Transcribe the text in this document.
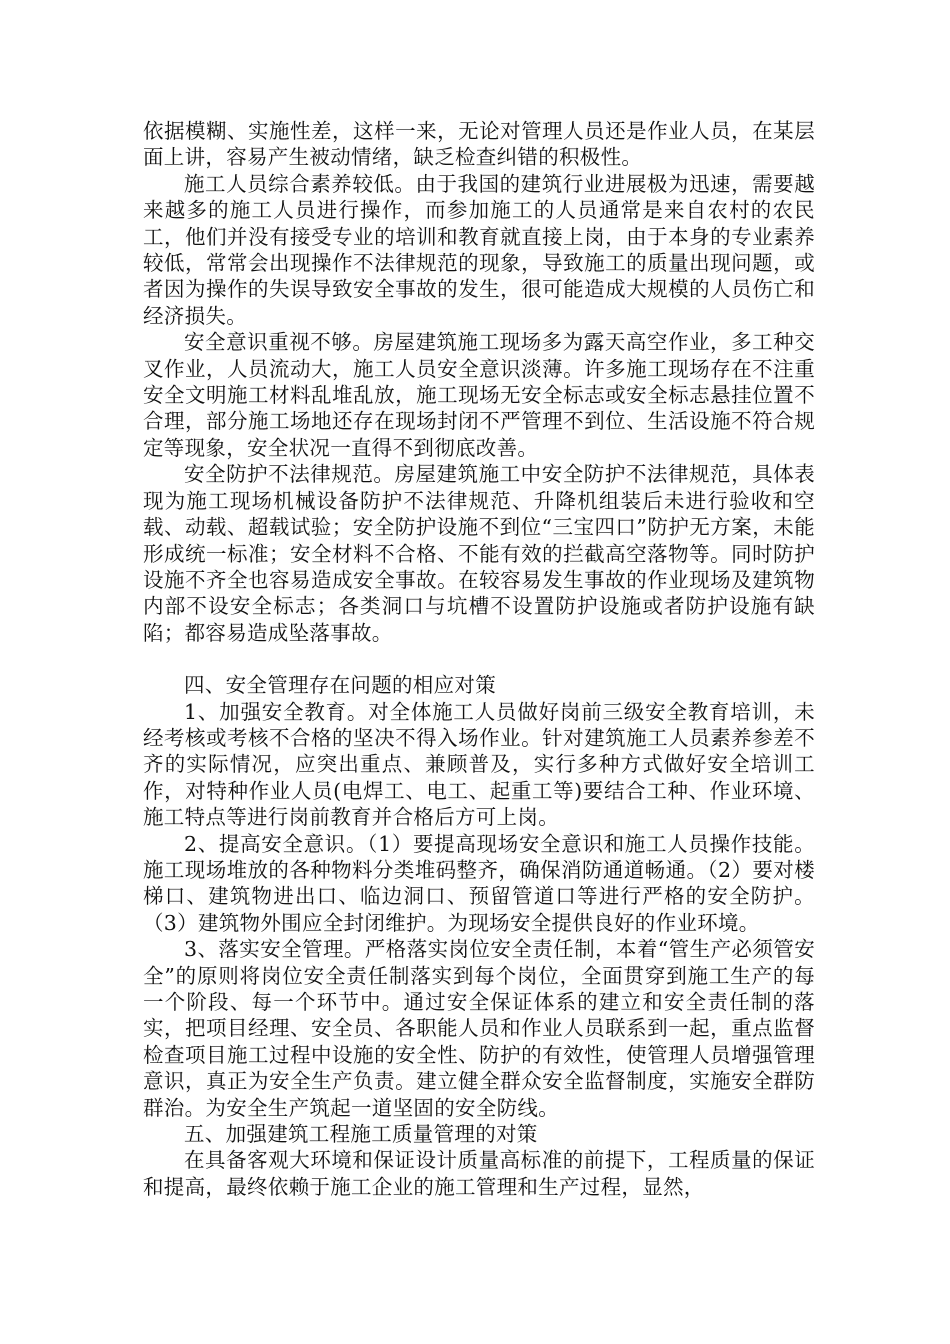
依据模糊、实施性差，这样一来，无论对管理人员还是作业人员，在某层面上讲，容易产生被动情绪，缺乏检查纠错的积极性。

施工人员综合素养较低。由于我国的建筑行业进展极为迅速，需要越来越多的施工人员进行操作，而参加施工的人员通常是来自农村的农民工，他们并没有接受专业的培训和教育就直接上岗，由于本身的专业素养较低，常常会出现操作不法律规范的现象，导致施工的质量出现问题，或者因为操作的失误导致安全事故的发生，很可能造成大规模的人员伤亡和经济损失。

安全意识重视不够。房屋建筑施工现场多为露天高空作业，多工种交叉作业，人员流动大，施工人员安全意识淡薄。许多施工现场存在不注重安全文明施工材料乱堆乱放，施工现场无安全标志或安全标志悬挂位置不合理，部分施工场地还存在现场封闭不严管理不到位、生活设施不符合规定等现象，安全状况一直得不到彻底改善。

安全防护不法律规范。房屋建筑施工中安全防护不法律规范，具体表现为施工现场机械设备防护不法律规范、升降机组装后未进行验收和空载、动载、超载试验；安全防护设施不到位“三宝四口”防护无方案，未能形成统一标准；安全材料不合格、不能有效的拦截高空落物等。同时防护设施不齐全也容易造成安全事故。在较容易发生事故的作业现场及建筑物内部不设安全标志；各类洞口与坑槽不设置防护设施或者防护设施有缺陷；都容易造成坠落事故。

四、安全管理存在问题的相应对策

1、加强安全教育。对全体施工人员做好岗前三级安全教育培训，未经考核或考核不合格的坚决不得入场作业。针对建筑施工人员素养参差不齐的实际情况，应突出重点、兼顾普及，实行多种方式做好安全培训工作，对特种作业人员(电焊工、电工、起重工等)要结合工种、作业环境、施工特点等进行岗前教育并合格后方可上岗。

2、提高安全意识。（1）要提高现场安全意识和施工人员操作技能。施工现场堆放的各种物料分类堆码整齐，确保消防通道畅通。（2）要对楼梯口、建筑物进出口、临边洞口、预留管道口等进行严格的安全防护。（3）建筑物外围应全封闭维护。为现场安全提供良好的作业环境。

3、落实安全管理。严格落实岗位安全责任制，本着“管生产必须管安全”的原则将岗位安全责任制落实到每个岗位，全面贯穿到施工生产的每一个阶段、每一个环节中。通过安全保证体系的建立和安全责任制的落实，把项目经理、安全员、各职能人员和作业人员联系到一起，重点监督检查项目施工过程中设施的安全性、防护的有效性，使管理人员增强管理意识，真正为安全生产负责。建立健全群众安全监督制度，实施安全群防群治。为安全生产筑起一道坚固的安全防线。

五、加强建筑工程施工质量管理的对策

在具备客观大环境和保证设计质量高标准的前提下，工程质量的保证和提高，最终依赖于施工企业的施工管理和生产过程，显然，
